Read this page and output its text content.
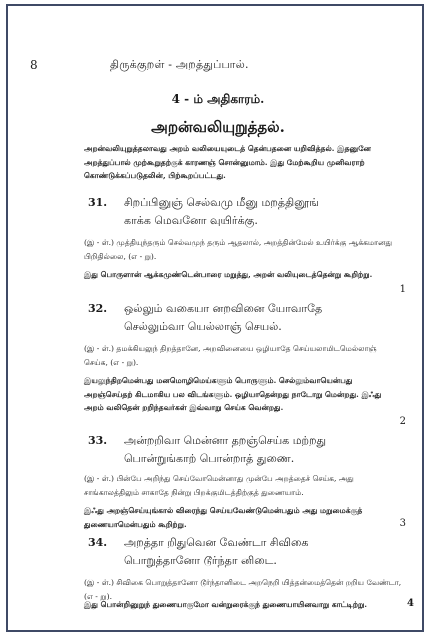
8	திருக்குறள் - அறத்துப்பால்.
4 - ம் அதிகாரம்.
அறன்வலியுறுத்தல்.
அறன்வலியுறுத்தலாவது அறம் வலியையுடைத் தென்பதனை யறிவித்தல். இதனுனே அறத்துப்பால் முற்கூறுதற்குக் காரணஞ் சொன்னுமாம். இது மேற்கூறிய முனிவராற் கொண்டுக்கப்படுதலின், பிற்கூறப்பட்டது.
31. சிறப்பினுஞ் செல்வமு மீனு மறத்தினூங்
காக்க மெவனோ வுயிர்க்கு.
(இ - ள்.) முத்தியுந்தரும் செல்வமுந் தரும் ஆதலால், அறத்தின்மேல் உயிர்க்கு ஆக்கமானது பிறிதில்லை, (எ - று).
இது பொருளான் ஆக்கமுண்டென்பாரை மறுத்து, அறன் வலியுடைத்தென்று கூறிற்று.
1
32. ஒல்லும் வகையா னறவினை யோவாதே
செல்லும்வா யெல்லாஞ் செயல்.
(இ - ள்.) தமக்கியலுந் திறத்தானே, அறவினையை ஒழியாதே செய்யலாமிடமெல்லாஞ் செய்க, (எ - று).
இயலுந்திறமென்பது மனமொழிமெய்களும் பொருளும். செல்லும்வாயென்பது அறஞ்செய்தற் கிடமாகிய பல விடங்களும். ஒழியாதென்றது நாடோறு மென்றது. இஃது அறம் வலிதென் றறிந்தவர்கள் இவ்வாறு செய்க வென்றது.
2
33. அன்றறிவா மென்னா தறஞ்செய்க மற்றது
பொன்றுங்காற் பொன்றாத் துணை.
(இ - ள்.) பின்பே அறிந்து செய்வோமென்னாது முன்பே அறத்தைச் செய்க, அது சாங்காலத்திலும் சாகாதே நின்று பிறக்குமிடத்திற்குத் துணையாம்.
இஃது அறஞ்செய்யுங்கால் விரைந்து செய்யவேண்டுமென்பதும் அது மறுமைக்குத் துணையாமென்பதும் கூறிற்று.	3
34. அறத்தா றிதுவென வேண்டா சிவிகை
பொறுத்தானோ டூர்ந்தா னிடை.
(இ - ள்.) சிவிகை பொறுத்தானோ டூர்ந்தானிடை அறநெறி யித்தன்மைத்தென் றறிய வேண்டா, (எ - று).
இது பொன்றினுறுந் துணையாகுமோ வன்றுரைக்குந் துணையாயினவாறு காட்டிற்று.	4
